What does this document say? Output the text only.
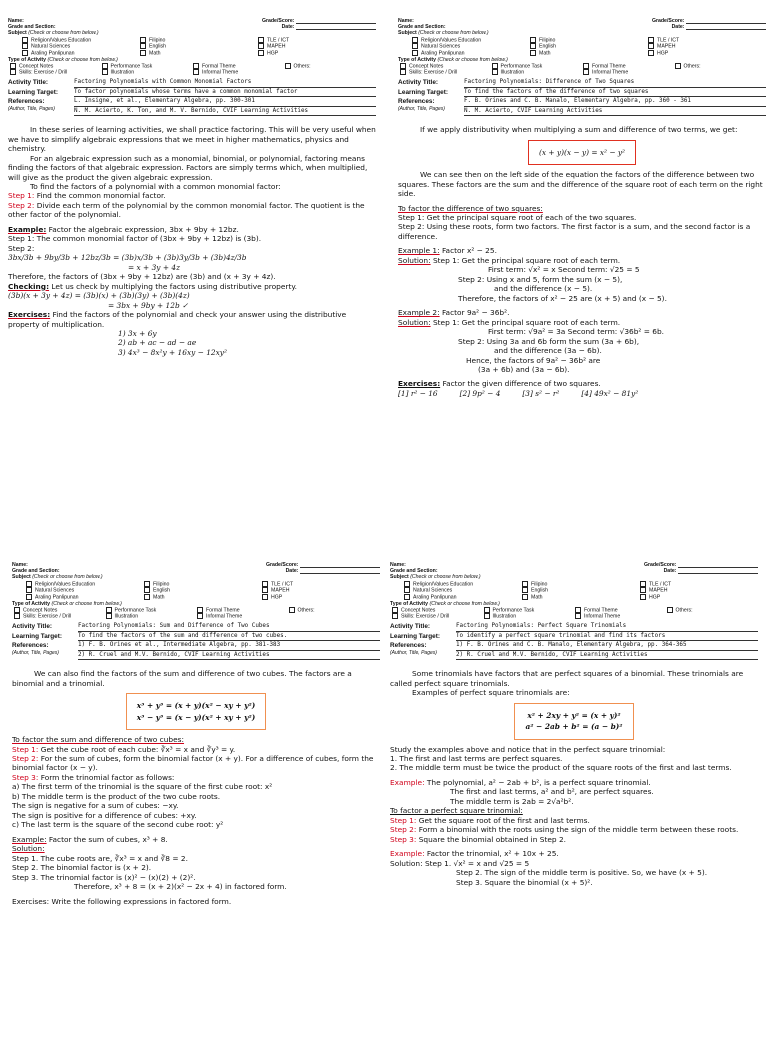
Name:	Grade/Score:
Grade and Section:	Date:
Subject (Check or choose from below.)
Religion/Values Education	Filipino	TLE / ICT
Natural Sciences	English	MAPEH
Araling Panlipunan	Math	HGP
Type of Activity (Check or choose from below.)
Concept Notes	Performance Task	Formal Theme	Others:
Skills: Exercise / Drill	Illustration	Informal Theme
Activity Title:	Factoring Polynomials with Common Monomial Factors
Learning Target:	To factor polynomials whose terms have a common monomial factor
References:
(Author, Title, Pages)
L. Insigne, et al., Elementary Algebra, pp. 300-301
N. M. Acierto, K. Ton, and M. V. Bernido, CVIF Learning Activities

In these series of learning activities, we shall practice factoring. This will be very useful when we have to simplify algebraic expressions that we meet in higher mathematics, physics and chemistry.

For an algebraic expression such as a monomial, binomial, or polynomial, factoring means finding the factors of that algebraic expression. Factors are simply terms which, when multiplied, will give as the product the given algebraic expression.

To find the factors of a polynomial with a common monomial factor:

Step 1: Find the common monomial factor.

Step 2: Divide each term of the polynomial by the common monomial factor. The quotient is the other factor of the polynomial.

Example: Factor the algebraic expression, 3bx + 9by + 12bz.

Step 1: The common monomial factor of (3bx + 9by + 12bz) is (3b).

Step 2:

3bx/3b + 9by/3b + 12bz/3b = (3b)x/3b + (3b)3y/3b + (3b)4z/3b

= x + 3y + 4z

Therefore, the factors of (3bx + 9by + 12bz) are (3b) and (x + 3y + 4z).

Checking: Let us check by multiplying the factors using distributive property.

(3b)(x + 3y + 4z) = (3b)(x) + (3b)(3y) + (3b)(4z)

= 3bx + 9by + 12b ✓

Exercises: Find the factors of the polynomial and check your answer using the distributive property of multiplication.

1) 3x + 6y

2) ab + ac − ad − ae

3) 4x³ − 8x²y + 16xy − 12xy²

Name:	Grade/Score:
Grade and Section:	Date:
Subject (Check or choose from below.)
Religion/Values Education	Filipino	TLE / ICT
Natural Sciences	English	MAPEH
Araling Panlipunan	Math	HGP
Type of Activity (Check or choose from below.)
Concept Notes	Performance Task	Formal Theme	Others:
Skills: Exercise / Drill	Illustration	Informal Theme
Activity Title:	Factoring Polynomials: Difference of Two Squares
Learning Target:	To find the factors of the difference of two squares
References:
(Author, Title, Pages)
F. B. Orines and C. B. Manalo, Elementary Algebra, pp. 360 - 361
N. M. Acierto, CVIF Learning Activities

If we apply distributivity when multiplying a sum and difference of two terms, we get:

(x + y)(x − y) = x² − y²

We can see then on the left side of the equation the factors of the difference between two squares. These factors are the sum and the difference of the square root of each term on the right side.

To factor the difference of two squares:

Step 1: Get the principal square root of each of the two squares.

Step 2: Using these roots, form two factors. The first factor is a sum, and the second factor is a difference.

Example 1: Factor x² − 25.

Solution: Step 1: Get the principal square root of each term.

First term: √x² = x Second term: √25 = 5

Step 2: Using x and 5, form the sum (x − 5),

and the difference (x − 5).

Therefore, the factors of x² − 25 are (x + 5) and (x − 5).

Example 2: Factor 9a² − 36b².

Solution: Step 1: Get the principal square root of each term.

First term: √9a² = 3a Second term: √36b² = 6b.

Step 2: Using 3a and 6b form the sum (3a + 6b),

and the difference (3a − 6b).

Hence, the factors of 9a² − 36b² are

(3a + 6b) and (3a − 6b).

Exercises: Factor the given difference of two squares.

[1] r² − 16	[2] 9p² − 4	[3] s² − r²	[4] 49x² − 81y²

Name:	Grade/Score:
Grade and Section:	Date:
Subject (Check or choose from below.)
Religion/Values Education	Filipino	TLE / ICT
Natural Sciences	English	MAPEH
Araling Panlipunan	Math	HGP
Type of Activity (Check or choose from below.)
Concept Notes	Performance Task	Formal Theme	Others:
Skills: Exercise / Drill	Illustration	Informal Theme
Activity Title:	Factoring Polynomials: Sum and Difference of Two Cubes
Learning Target:	To find the factors of the sum and difference of two cubes.
References:
(Author, Title, Pages)
1) F. B. Orines et al., Intermediate Algebra, pp. 381-383
2) R. Cruel and M.V. Bernido, CVIF Learning Activities

We can also find the factors of the sum and difference of two cubes. The factors are a binomial and a trinomial.

x³ + y³ = (x + y)(x² − xy + y²)
x³ − y³ = (x − y)(x² + xy + y²)

To factor the sum and difference of two cubes:

Step 1: Get the cube root of each cube: ∛x³ = x and ∛y³ = y.

Step 2: For the sum of cubes, form the binomial factor (x + y). For a difference of cubes, form the binomial factor (x − y).

Step 3: Form the trinomial factor as follows:

a) The first term of the trinomial is the square of the first cube root: x²

b) The middle term is the product of the two cube roots.

The sign is negative for a sum of cubes: −xy.

The sign is positive for a difference of cubes: +xy.

c) The last term is the square of the second cube root: y²

Example: Factor the sum of cubes, x³ + 8.

Solution:

Step 1. The cube roots are, ∛x³ = x and ∛8 = 2.

Step 2. The binomial factor is (x + 2).

Step 3. The trinomial factor is (x)² − (x)(2) + (2)².

Therefore, x³ + 8 = (x + 2)(x² − 2x + 4) in factored form.

Exercises: Write the following expressions in factored form.

Name:	Grade/Score:
Grade and Section:	Date:
Subject (Check or choose from below.)
Religion/Values Education	Filipino	TLE / ICT
Natural Sciences	English	MAPEH
Araling Panlipunan	Math	HGP
Type of Activity (Check or choose from below.)
Concept Notes	Performance Task	Formal Theme	Others:
Skills: Exercise / Drill	Illustration	Informal Theme
Activity Title:	Factoring Polynomials: Perfect Square Trinomials
Learning Target:	To identify a perfect square trinomial and find its factors
References:
(Author, Title, Pages)
1) F. B. Orines and C. B. Manalo, Elementary Algebra, pp. 364-365
2) R. Cruel and M.V. Bernido, CVIF Learning Activities

Some trinomials have factors that are perfect squares of a binomial. These trinomials are called perfect square trinomials.

Examples of perfect square trinomials are:

x² + 2xy + y² = (x + y)²
a² − 2ab + b² = (a − b)²

Study the examples above and notice that in the perfect square trinomial:

1. The first and last terms are perfect squares.

2. The middle term must be twice the product of the square roots of the first and last terms.

Example: The polynomial, a² − 2ab + b², is a perfect square trinomial.

The first and last terms, a² and b², are perfect squares.

The middle term is 2ab = 2√a²b².

To factor a perfect square trinomial:

Step 1: Get the square root of the first and last terms.

Step 2: Form a binomial with the roots using the sign of the middle term between these roots.

Step 3: Square the binomial obtained in Step 2.

Example: Factor the trinomial, x² + 10x + 25.

Solution: Step 1. √x² = x and √25 = 5

Step 2. The sign of the middle term is positive. So, we have (x + 5).

Step 3. Square the binomial (x + 5)².
